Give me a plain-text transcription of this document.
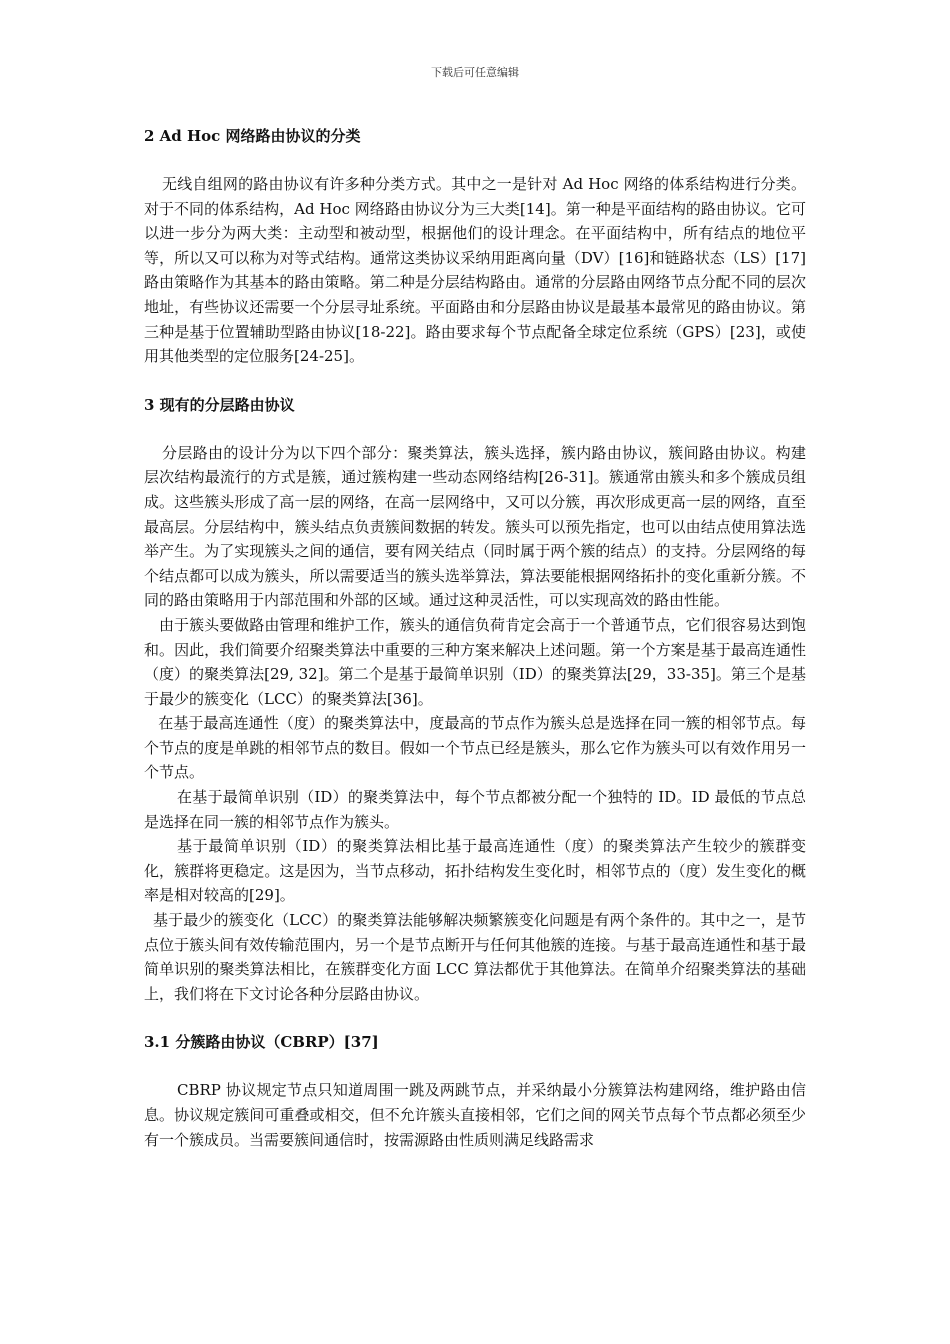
下载后可任意编辑
2 Ad Hoc 网络路由协议的分类

无线自组网的路由协议有许多种分类方式。其中之一是针对 Ad Hoc 网络的体系结构进行分类。对于不同的体系结构，Ad Hoc 网络路由协议分为三大类[14]。第一种是平面结构的路由协议。它可以进一步分为两大类：主动型和被动型，根据他们的设计理念。在平面结构中，所有结点的地位平等，所以又可以称为对等式结构。通常这类协议采纳用距离向量（DV）[16]和链路状态（LS）[17]路由策略作为其基本的路由策略。第二种是分层结构路由。通常的分层路由网络节点分配不同的层次地址，有些协议还需要一个分层寻址系统。平面路由和分层路由协议是最基本最常见的路由协议。第三种是基于位置辅助型路由协议[18-22]。路由要求每个节点配备全球定位系统（GPS）[23]，或使用其他类型的定位服务[24-25]。

3 现有的分层路由协议

分层路由的设计分为以下四个部分：聚类算法，簇头选择，簇内路由协议，簇间路由协议。构建层次结构最流行的方式是簇，通过簇构建一些动态网络结构[26-31]。簇通常由簇头和多个簇成员组成。这些簇头形成了高一层的网络，在高一层网络中，又可以分簇，再次形成更高一层的网络，直至最高层。分层结构中，簇头结点负责簇间数据的转发。簇头可以预先指定，也可以由结点使用算法选举产生。为了实现簇头之间的通信，要有网关结点（同时属于两个簇的结点）的支持。分层网络的每个结点都可以成为簇头，所以需要适当的簇头选举算法，算法要能根据网络拓扑的变化重新分簇。不同的路由策略用于内部范围和外部的区域。通过这种灵活性，可以实现高效的路由性能。

由于簇头要做路由管理和维护工作，簇头的通信负荷肯定会高于一个普通节点，它们很容易达到饱和。因此，我们简要介绍聚类算法中重要的三种方案来解决上述问题。第一个方案是基于最高连通性（度）的聚类算法[29, 32]。第二个是基于最简单识别（ID）的聚类算法[29，33-35]。第三个是基于最少的簇变化（LCC）的聚类算法[36]。

在基于最高连通性（度）的聚类算法中，度最高的节点作为簇头总是选择在同一簇的相邻节点。每个节点的度是单跳的相邻节点的数目。假如一个节点已经是簇头，那么它作为簇头可以有效作用另一个节点。

在基于最简单识别（ID）的聚类算法中，每个节点都被分配一个独特的 ID。ID 最低的节点总是选择在同一簇的相邻节点作为簇头。

基于最简单识别（ID）的聚类算法相比基于最高连通性（度）的聚类算法产生较少的簇群变化，簇群将更稳定。这是因为，当节点移动，拓扑结构发生变化时，相邻节点的（度）发生变化的概率是相对较高的[29]。

基于最少的簇变化（LCC）的聚类算法能够解决频繁簇变化问题是有两个条件的。其中之一，是节点位于簇头间有效传输范围内，另一个是节点断开与任何其他簇的连接。与基于最高连通性和基于最简单识别的聚类算法相比，在簇群变化方面 LCC 算法都优于其他算法。在简单介绍聚类算法的基础上，我们将在下文讨论各种分层路由协议。

3.1 分簇路由协议（CBRP）[37]

CBRP 协议规定节点只知道周围一跳及两跳节点，并采纳最小分簇算法构建网络，维护路由信息。协议规定簇间可重叠或相交，但不允许簇头直接相邻，它们之间的网关节点每个节点都必须至少有一个簇成员。当需要簇间通信时，按需源路由性质则满足线路需求
